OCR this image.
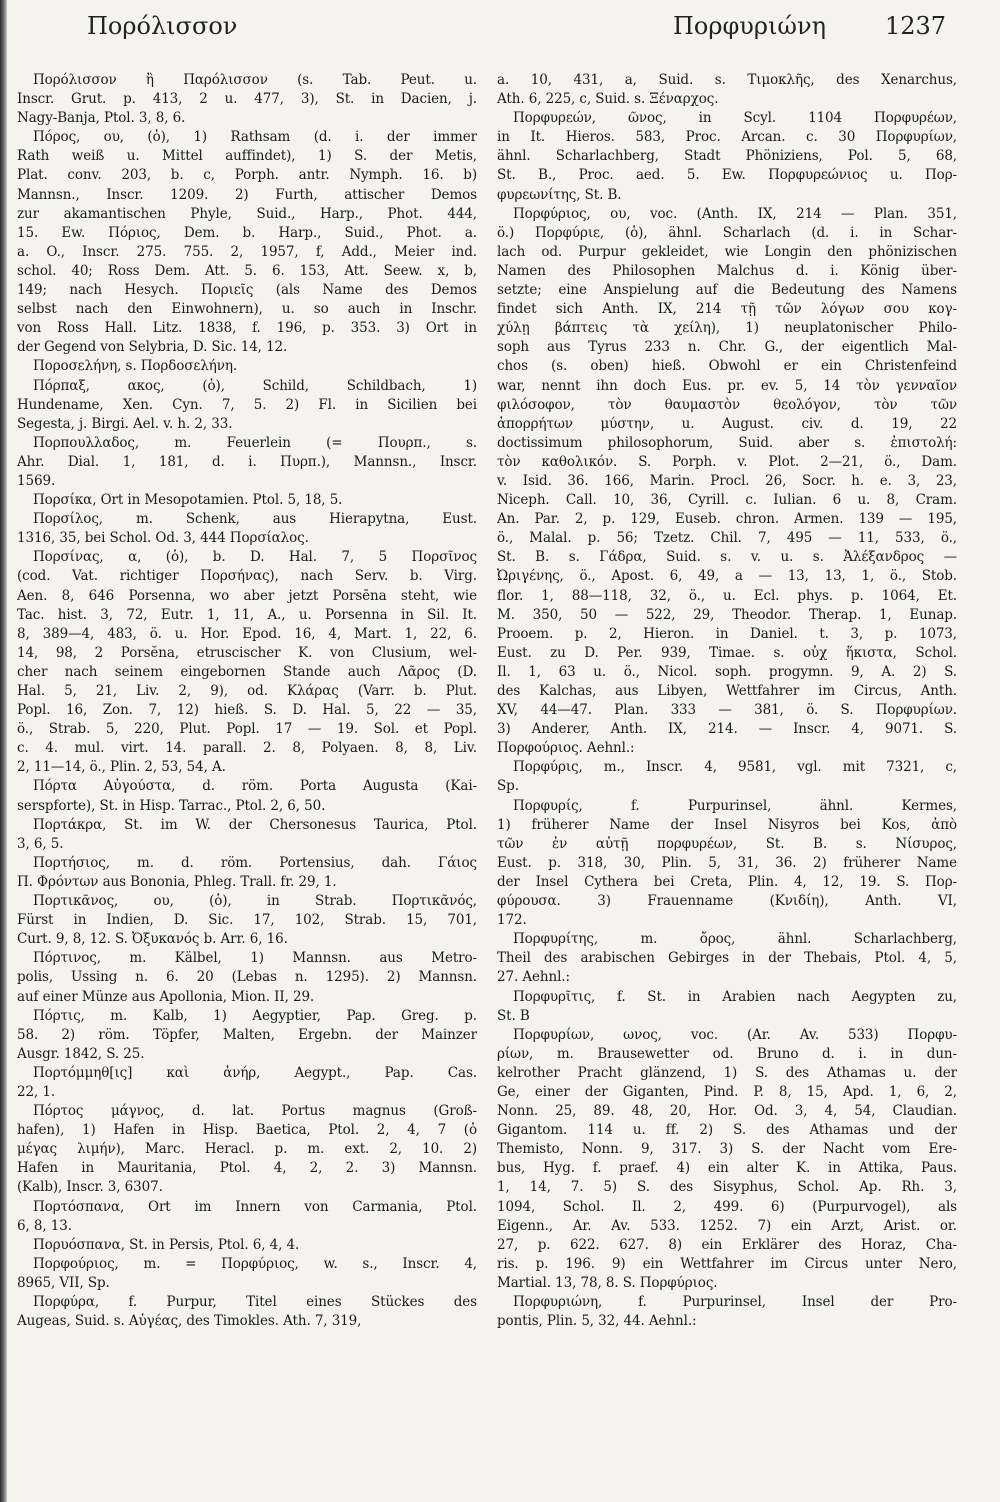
Πορόλισσον	Πορφυριώνη 1237
Πορόλισσον ἢ Παρόλισσον (s. Tab. Peut. u.
Inscr. Grut. p. 413, 2 u. 477, 3), St. in Dacien, j.
Nagy-Banja, Ptol. 3, 8, 6.
Πόρος, ου, (ὁ), 1) Rathsam (d. i. der immer
Rath weiß u. Mittel auffindet), 1) S. der Metis,
Plat. conv. 203, b. c, Porph. antr. Nymph. 16. b)
Mannsn., Inscr. 1209. 2) Furth, attischer Demos
zur akamantischen Phyle, Suid., Harp., Phot. 444,
15. Ew. Πόριος, Dem. b. Harp., Suid., Phot. a.
a. O., Inscr. 275. 755. 2, 1957, f, Add., Meier ind.
schol. 40; Ross Dem. Att. 5. 6. 153, Att. Seew. x, b,
149; nach Hesych. Ποριεῖς (als Name des Demos
selbst nach den Einwohnern), u. so auch in Inschr.
von Ross Hall. Litz. 1838, f. 196, p. 353. 3) Ort in
der Gegend von Selybria, D. Sic. 14, 12.
Ποροσελήνη, s. Πορδοσελήνη.
Πόρπαξ, ακος, (ὁ), Schild, Schildbach, 1)
Hundename, Xen. Cyn. 7, 5. 2) Fl. in Sicilien bei
Segesta, j. Birgi. Ael. v. h. 2, 33.
Πορπουλλαδος, m. Feuerlein (= Πουρπ., s.
Ahr. Dial. 1, 181, d. i. Πυρπ.), Mannsn., Inscr.
1569.
Πορσίκα, Ort in Mesopotamien. Ptol. 5, 18, 5.
Πορσίλος, m. Schenk, aus Hierapytna, Eust.
1316, 35, bei Schol. Od. 3, 444 Πορσίαλος.
Πορσίνας, α, (ὁ), b. D. Hal. 7, 5 Πορσῖνος
(cod. Vat. richtiger Πορσήνας), nach Serv. b. Virg.
Aen. 8, 646 Porsenna, wo aber jetzt Porsēna steht, wie
Tac. hist. 3, 72, Eutr. 1, 11, A., u. Porsenna in Sil. It.
8, 389—4, 483, ö. u. Hor. Epod. 16, 4, Mart. 1, 22, 6.
14, 98, 2 Porsĕna, etruscischer K. von Clusium, wel-
cher nach seinem eingebornen Stande auch Λᾶρος (D.
Hal. 5, 21, Liv. 2, 9), od. Κλάρας (Varr. b. Plut.
Popl. 16, Zon. 7, 12) hieß. S. D. Hal. 5, 22 — 35,
ö., Strab. 5, 220, Plut. Popl. 17 — 19. Sol. et Popl.
c. 4. mul. virt. 14. parall. 2. 8, Polyaen. 8, 8, Liv.
2, 11—14, ö., Plin. 2, 53, 54, A.
Πόρτα Αὐγούστα, d. röm. Porta Augusta (Kai-
serspforte), St. in Hisp. Tarrac., Ptol. 2, 6, 50.
Πορτάκρα, St. im W. der Chersonesus Taurica, Ptol.
3, 6, 5.
Πορτήσιος, m. d. röm. Portensius, dah. Γάιος
Π. Φρόντων aus Bononia, Phleg. Trall. fr. 29, 1.
Πορτικᾶνος, ου, (ὁ), in Strab. Πορτικᾶνός,
Fürst in Indien, D. Sic. 17, 102, Strab. 15, 701,
Curt. 9, 8, 12. S. Ὀξυκανός b. Arr. 6, 16.
Πόρτινος, m. Kälbel, 1) Mannsn. aus Metro-
polis, Ussing n. 6. 20 (Lebas n. 1295). 2) Mannsn.
auf einer Münze aus Apollonia, Mion. II, 29.
Πόρτις, m. Kalb, 1) Aegyptier, Pap. Greg. p.
58. 2) röm. Töpfer, Malten, Ergebn. der Mainzer
Ausgr. 1842, S. 25.
Πορτόμμηθ[ις] καὶ ἀνήρ, Aegypt., Pap. Cas.
22, 1.
Πόρτος μάγνος, d. lat. Portus magnus (Groß-
hafen), 1) Hafen in Hisp. Baetica, Ptol. 2, 4, 7 (ὁ
μέγας λιμήν), Marc. Heracl. p. m. ext. 2, 10. 2)
Hafen in Mauritania, Ptol. 4, 2, 2. 3) Mannsn.
(Kalb), Inscr. 3, 6307.
Πορτόσπανα, Ort im Innern von Carmania, Ptol.
6, 8, 13.
Πορυόσπανα, St. in Persis, Ptol. 6, 4, 4.
Πορφούριος, m. = Πορφύριος, w. s., Inscr. 4,
8965, VII, Sp.
Πορφύρα, f. Purpur, Titel eines Stückes des
Augeas, Suid. s. Αὐγέας, des Timokles. Ath. 7, 319,
a. 10, 431, a, Suid. s. Τιμοκλῆς, des Xenarchus,
Ath. 6, 225, c, Suid. s. Ξέναρχος.
Πορφυρεών, ῶνος, in Scyl. 1104 Πορφυρέων,
in It. Hieros. 583, Proc. Arcan. c. 30 Πορφυρίων,
ähnl. Scharlachberg, Stadt Phöniziens, Pol. 5, 68,
St. B., Proc. aed. 5. Ew. Πορφυρεώνιος u. Πορ-
φυρεωνίτης, St. B.
Πορφύριος, ου, voc. (Anth. IX, 214 — Plan. 351,
ö.) Πορφύριε, (ὁ), ähnl. Scharlach (d. i. in Schar-
lach od. Purpur gekleidet, wie Longin den phönizischen
Namen des Philosophen Malchus d. i. König über-
setzte; eine Anspielung auf die Bedeutung des Namens
findet sich Anth. IX, 214 τῇ τῶν λόγων σου κογ-
χύλῃ βάπτεις τὰ χείλη), 1) neuplatonischer Philo-
soph aus Tyrus 233 n. Chr. G., der eigentlich Mal-
chos (s. oben) hieß. Obwohl er ein Christenfeind
war, nennt ihn doch Eus. pr. ev. 5, 14 τὸν γενναῖον
φιλόσοφον, τὸν θαυμαστὸν θεολόγον, τὸν τῶν
ἀπορρήτων μύστην, u. August. civ. d. 19, 22
doctissimum philosophorum, Suid. aber s. ἐπιστολή:
τὸν καθολικόν. S. Porph. v. Plot. 2—21, ö., Dam.
v. Isid. 36. 166, Marin. Procl. 26, Socr. h. e. 3, 23,
Niceph. Call. 10, 36, Cyrill. c. Iulian. 6 u. 8, Cram.
An. Par. 2, p. 129, Euseb. chron. Armen. 139 — 195,
ö., Malal. p. 56; Tzetz. Chil. 7, 495 — 11, 533, ö.,
St. B. s. Γάδρα, Suid. s. v. u. s. Ἀλέξανδρος —
Ὠριγένης, ö., Apost. 6, 49, a — 13, 13, 1, ö., Stob.
flor. 1, 88—118, 32, ö., u. Ecl. phys. p. 1064, Et.
M. 350, 50 — 522, 29, Theodor. Therap. 1, Eunap.
Prooem. p. 2, Hieron. in Daniel. t. 3, p. 1073,
Eust. zu D. Per. 939, Timae. s. οὐχ ἥκιστα, Schol.
Il. 1, 63 u. ö., Nicol. soph. progymn. 9, A. 2) S.
des Kalchas, aus Libyen, Wettfahrer im Circus, Anth.
XV, 44—47. Plan. 333 — 381, ö. S. Πορφυρίων.
3) Anderer, Anth. IX, 214. — Inscr. 4, 9071. S.
Πορφούριος. Aehnl.:
Πορφύρις, m., Inscr. 4, 9581, vgl. mit 7321, c,
Sp.
Πορφυρίς, f. Purpurinsel, ähnl. Kermes,
1) früherer Name der Insel Nisyros bei Kos, ἀπὸ
τῶν ἐν αὐτῇ πορφυρέων, St. B. s. Νίσυρος,
Eust. p. 318, 30, Plin. 5, 31, 36. 2) früherer Name
der Insel Cythera bei Creta, Plin. 4, 12, 19. S. Πορ-
φύρουσα. 3) Frauenname (Κνιδίη), Anth. VI,
172.
Πορφυρίτης, m. ὄρος, ähnl. Scharlachberg,
Theil des arabischen Gebirges in der Thebais, Ptol. 4, 5,
27. Aehnl.:
Πορφυρῖτις, f. St. in Arabien nach Aegypten zu,
St. B
Πορφυρίων, ωνος, voc. (Ar. Av. 533) Πορφυ-
ρίων, m. Brausewetter od. Bruno d. i. in dun-
kelrother Pracht glänzend, 1) S. des Athamas u. der
Ge, einer der Giganten, Pind. P. 8, 15, Apd. 1, 6, 2,
Nonn. 25, 89. 48, 20, Hor. Od. 3, 4, 54, Claudian.
Gigantom. 114 u. ff. 2) S. des Athamas und der
Themisto, Nonn. 9, 317. 3) S. der Nacht vom Ere-
bus, Hyg. f. praef. 4) ein alter K. in Attika, Paus.
1, 14, 7. 5) S. des Sisyphus, Schol. Ap. Rh. 3,
1094, Schol. Il. 2, 499. 6) (Purpurvogel), als
Eigenn., Ar. Av. 533. 1252. 7) ein Arzt, Arist. or.
27, p. 622. 627. 8) ein Erklärer des Horaz, Cha-
ris. p. 196. 9) ein Wettfahrer im Circus unter Nero,
Martial. 13, 78, 8. S. Πορφύριος.
Πορφυριώνη, f. Purpurinsel, Insel der Pro-
pontis, Plin. 5, 32, 44. Aehnl.:
